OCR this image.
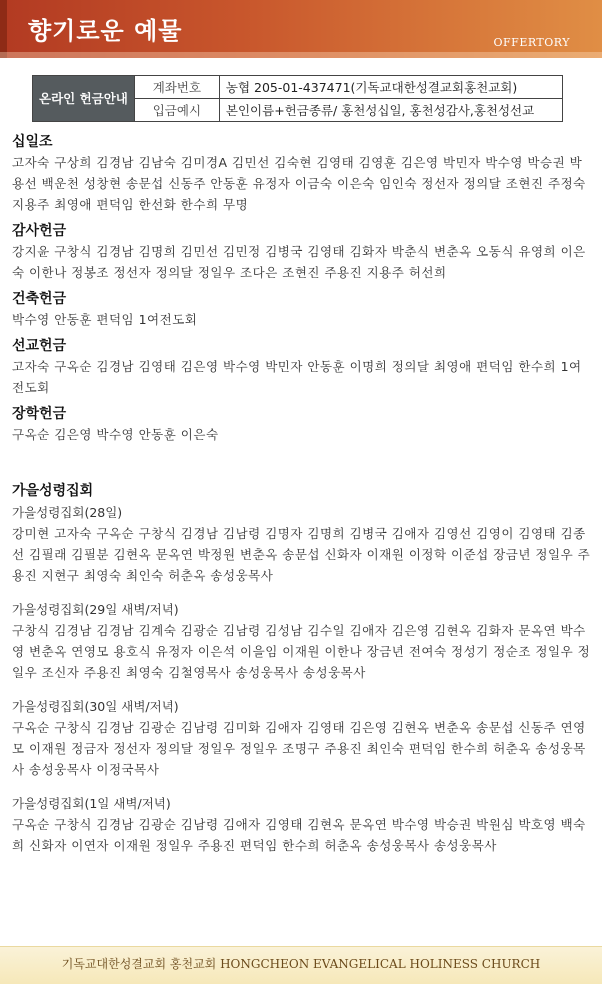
향기로운 예물	OFFERTORY
온라인 헌금안내	계좌번호	농협 205-01-437471(기독교대한성결교회홍천교회)
	입금예시	본인이름+헌금종류/ 홍천성십일, 홍천성감사,홍천성선교
십일조
고자숙 구상희 김경남 김남숙 김미경A 김민선 김숙현 김영태 김영훈 김은영 박민자 박수영 박승권 박용선 백운천 성창현 송문섭 신동주 안동훈 유정자 이금숙 이은숙 임인숙 정선자 정의달 조현진 주정숙 지용주 최영애 편덕임 한선화 한수희 무명
감사헌금
강지윤 구창식 김경남 김명희 김민선 김민정 김병국 김영태 김화자 박춘식 변춘옥 오동식 유영희 이은숙 이한나 정봉조 정선자 정의달 정일우 조다은 조현진 주용진 지용주 허선희
건축헌금
박수영 안동훈 편덕임 1여전도회
선교헌금
고자숙 구옥순 김경남 김영태 김은영 박수영 박민자 안동훈 이명희 정의달 최영애 편덕임 한수희 1여전도회
장학헌금
구옥순 김은영 박수영 안동훈 이은숙
가을성령집회
가을성령집회(28일)
강미현 고자숙 구옥순 구창식 김경남 김남령 김명자 김명희 김병국 김애자 김영선 김영이 김영태 김종선 김필래 김필분 김현옥 문옥연 박정원 변춘옥 송문섭 신화자 이재원 이정학 이준섭 장금년 정일우 주용진 지현구 최영숙 최인숙 허춘옥 송성웅목사
가을성령집회(29일 새벽/저녁)
구창식 김경남 김경남 김계숙 김광순 김남령 김성남 김수일 김애자 김은영 김현옥 김화자 문옥연 박수영 변춘옥 연영모 용호식 유정자 이은석 이을임 이재원 이한나 장금년 전여숙 정성기 정순조 정일우 정일우 조신자 주용진 최영숙 김철영목사 송성웅목사 송성웅목사
가을성령집회(30일 새벽/저녁)
구옥순 구창식 김경남 김광순 김남령 김미화 김애자 김영태 김은영 김현옥 변춘옥 송문섭 신동주 연영모 이재원 정금자 정선자 정의달 정일우 정일우 조명구 주용진 최인숙 편덕임 한수희 허춘옥 송성웅목사 송성웅목사 이정국목사
가을성령집회(1일 새벽/저녁)
구옥순 구창식 김경남 김광순 김남령 김애자 김영태 김현옥 문옥연 박수영 박승권 박원심 박호영 백숙희 신화자 이연자 이재원 정일우 주용진 편덕임 한수희 허춘옥 송성웅목사 송성웅목사
기독교대한성결교회 홍천교회 HONGCHEON EVANGELICAL HOLINESS CHURCH
